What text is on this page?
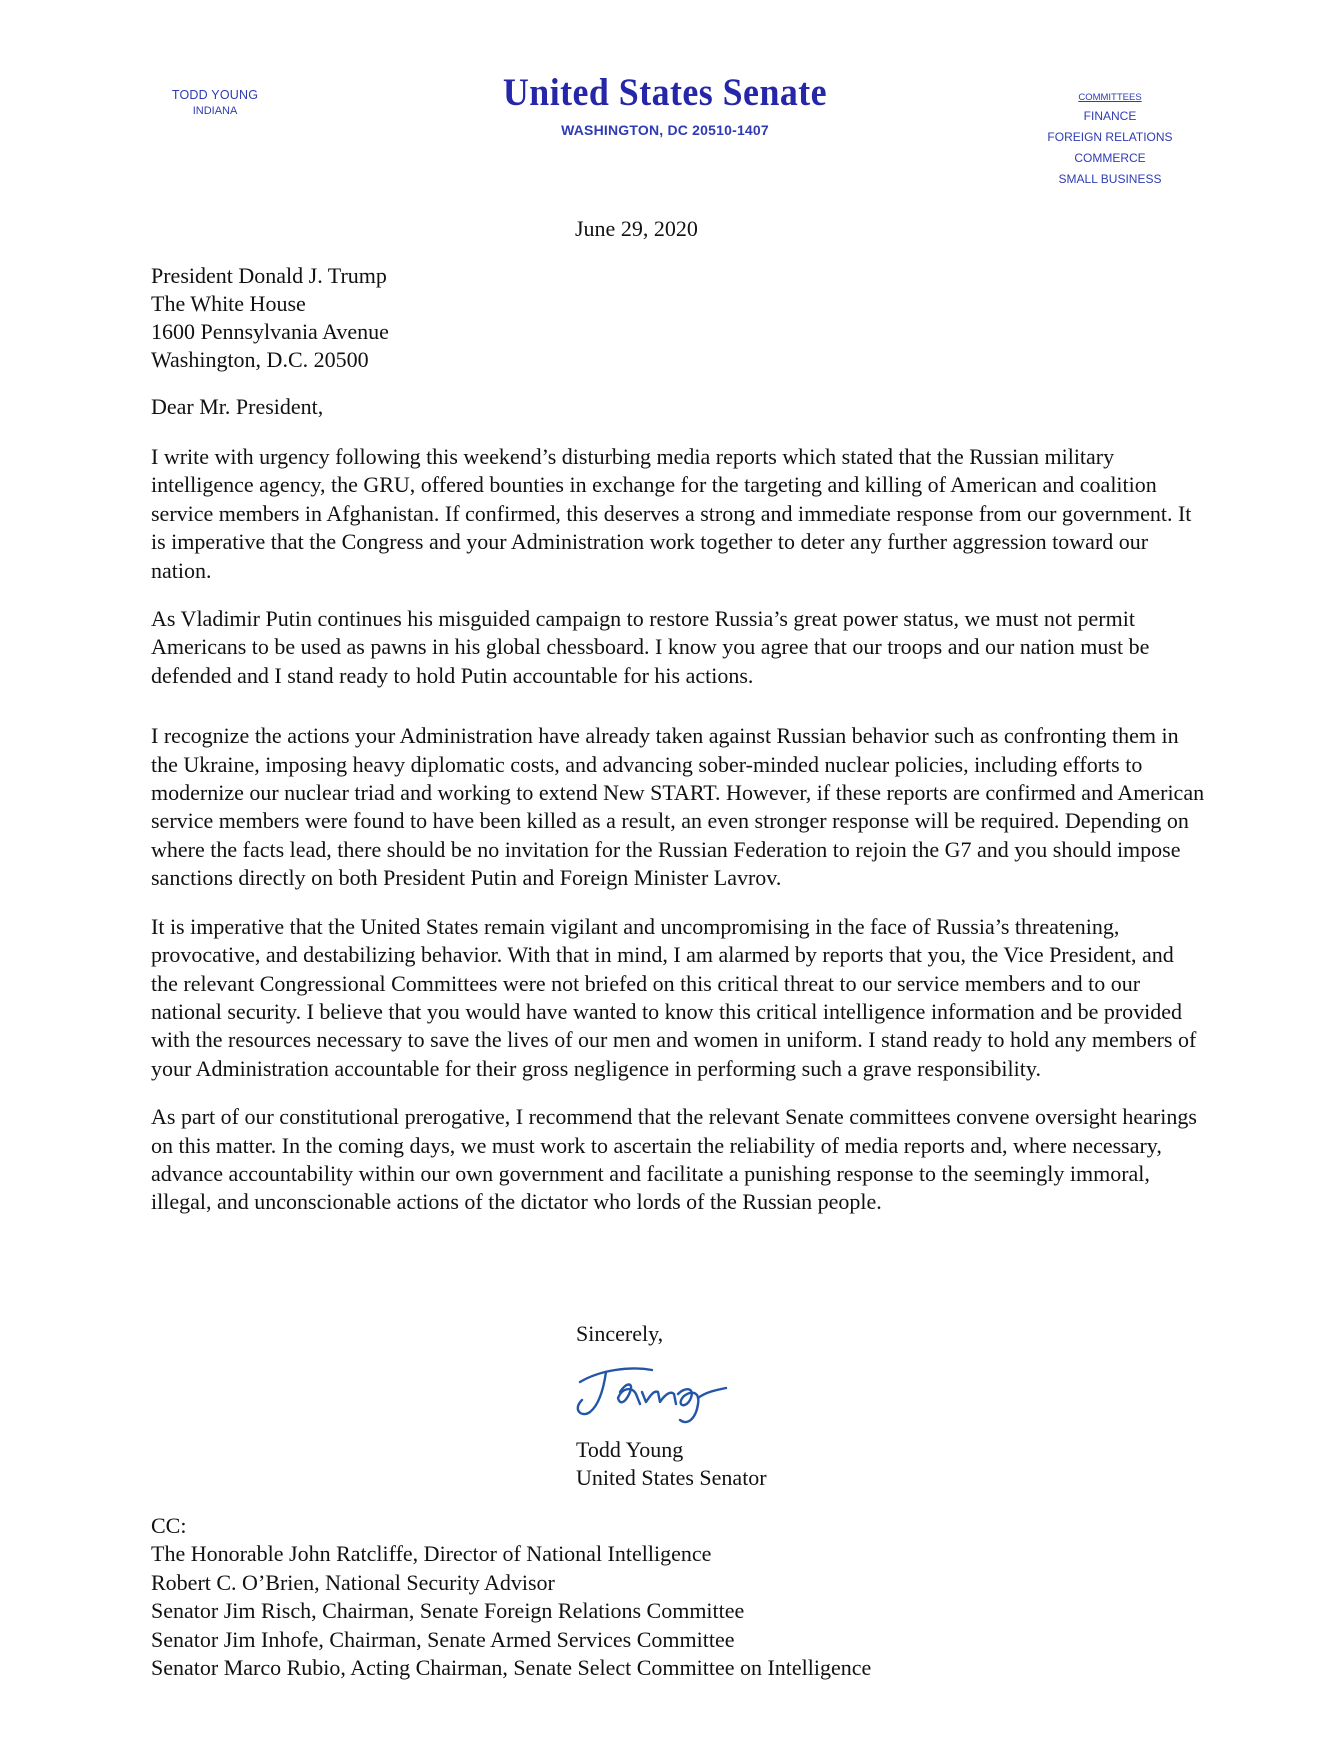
TODD YOUNG
INDIANA	United States Senate
WASHINGTON, DC 20510-1407
COMMITTEES
FINANCE
FOREIGN RELATIONS
COMMERCE
SMALL BUSINESS
June 29, 2020
President Donald J. Trump
The White House
1600 Pennsylvania Avenue
Washington, D.C. 20500
Dear Mr. President,

I write with urgency following this weekend’s disturbing media reports which stated that the Russian military intelligence agency, the GRU, offered bounties in exchange for the targeting and killing of American and coalition service members in Afghanistan. If confirmed, this deserves a strong and immediate response from our government. It is imperative that the Congress and your Administration work together to deter any further aggression toward our nation.

As Vladimir Putin continues his misguided campaign to restore Russia’s great power status, we must not permit Americans to be used as pawns in his global chessboard. I know you agree that our troops and our nation must be defended and I stand ready to hold Putin accountable for his actions.

I recognize the actions your Administration have already taken against Russian behavior such as confronting them in the Ukraine, imposing heavy diplomatic costs, and advancing sober-minded nuclear policies, including efforts to modernize our nuclear triad and working to extend New START. However, if these reports are confirmed and American service members were found to have been killed as a result, an even stronger response will be required. Depending on where the facts lead, there should be no invitation for the Russian Federation to rejoin the G7 and you should impose sanctions directly on both President Putin and Foreign Minister Lavrov.

It is imperative that the United States remain vigilant and uncompromising in the face of Russia’s threatening, provocative, and destabilizing behavior. With that in mind, I am alarmed by reports that you, the Vice President, and the relevant Congressional Committees were not briefed on this critical threat to our service members and to our national security. I believe that you would have wanted to know this critical intelligence information and be provided with the resources necessary to save the lives of our men and women in uniform. I stand ready to hold any members of your Administration accountable for their gross negligence in performing such a grave responsibility.

As part of our constitutional prerogative, I recommend that the relevant Senate committees convene oversight hearings on this matter. In the coming days, we must work to ascertain the reliability of media reports and, where necessary, advance accountability within our own government and facilitate a punishing response to the seemingly immoral, illegal, and unconscionable actions of the dictator who lords of the Russian people.

Sincerely,
Todd Young
United States Senator
CC:
The Honorable John Ratcliffe, Director of National Intelligence
Robert C. O’Brien, National Security Advisor
Senator Jim Risch, Chairman, Senate Foreign Relations Committee
Senator Jim Inhofe, Chairman, Senate Armed Services Committee
Senator Marco Rubio, Acting Chairman, Senate Select Committee on Intelligence
